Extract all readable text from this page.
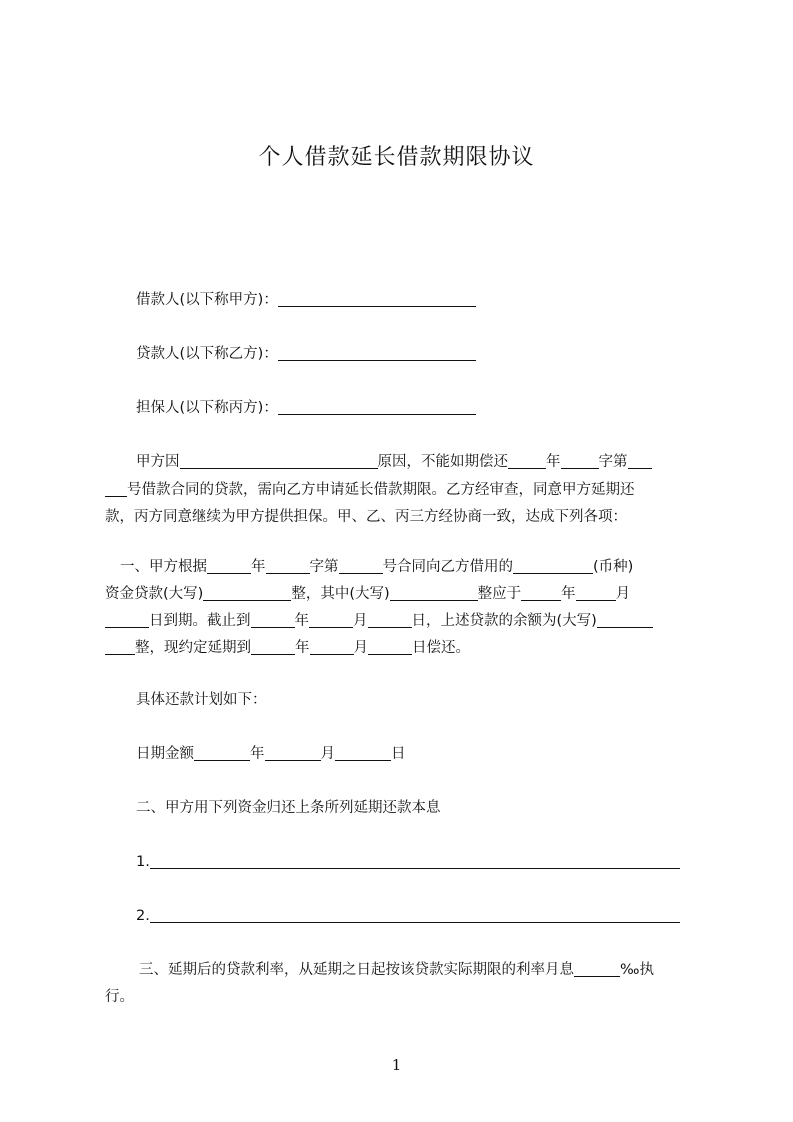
个人借款延长借款期限协议
借款人(以下称甲方)：
贷款人(以下称乙方)：
担保人(以下称丙方)：
甲方因	原因，不能如期偿还	年	字第
号借款合同的贷款，需向乙方申请延长借款期限。乙方经审查，同意甲方延期还
款，丙方同意继续为甲方提供担保。甲、乙、丙三方经协商一致，达成下列各项：
一、甲方根据	年	字第	号合同向乙方借用的	(币种)
资金贷款(大写)	整，其中(大写)	整应于	年	月
日到期。截止到	年	月	日，上述贷款的余额为(大写)
整，现约定延期到	年	月	日偿还。
具体还款计划如下：
日期金额	年	月	日
二、甲方用下列资金归还上条所列延期还款本息
1.
2.
三、延期后的贷款利率，从延期之日起按该贷款实际期限的利率月息	‰执
行。
1
